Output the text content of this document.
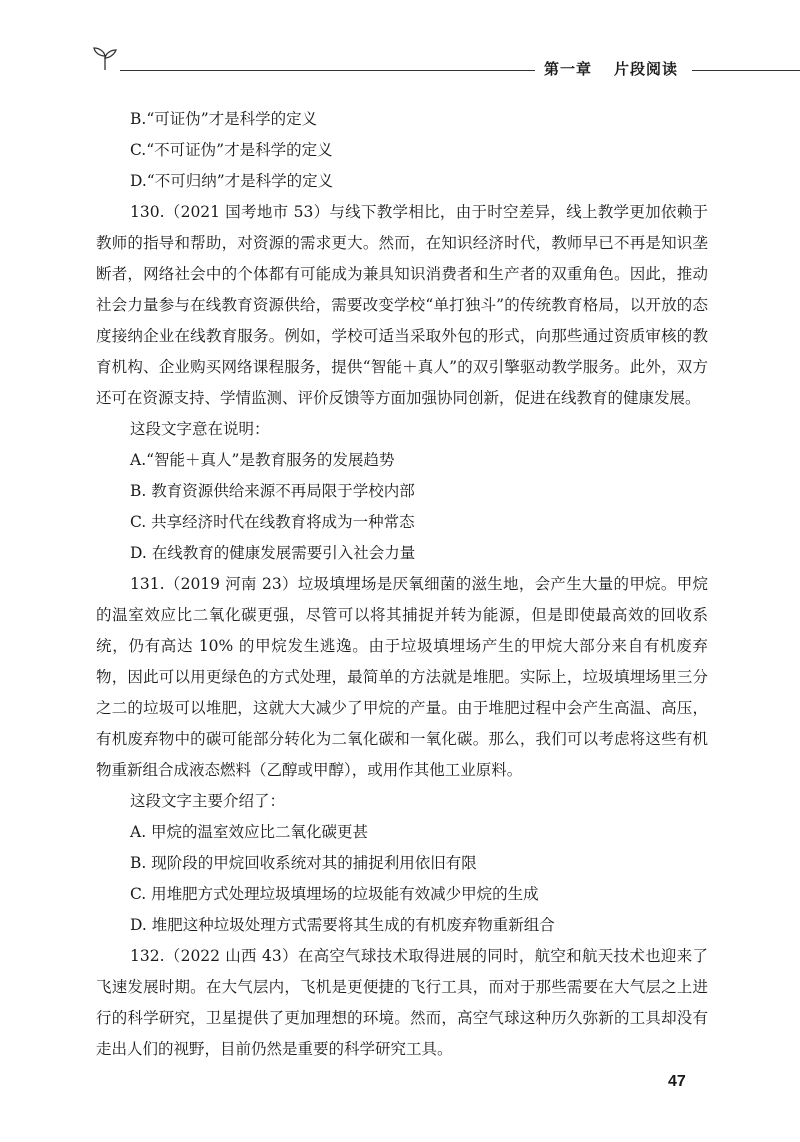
第一章 片段阅读

B.“可证伪”才是科学的定义

C.“不可证伪”才是科学的定义

D.“不可归纳”才是科学的定义

130.（2021 国考地市 53）与线下教学相比，由于时空差异，线上教学更加依赖于教师的指导和帮助，对资源的需求更大。然而，在知识经济时代，教师早已不再是知识垄断者，网络社会中的个体都有可能成为兼具知识消费者和生产者的双重角色。因此，推动社会力量参与在线教育资源供给，需要改变学校“单打独斗”的传统教育格局，以开放的态度接纳企业在线教育服务。例如，学校可适当采取外包的形式，向那些通过资质审核的教育机构、企业购买网络课程服务，提供“智能＋真人”的双引擎驱动教学服务。此外，双方还可在资源支持、学情监测、评价反馈等方面加强协同创新，促进在线教育的健康发展。

这段文字意在说明：

A.“智能＋真人”是教育服务的发展趋势

B. 教育资源供给来源不再局限于学校内部

C. 共享经济时代在线教育将成为一种常态

D. 在线教育的健康发展需要引入社会力量

131.（2019 河南 23）垃圾填埋场是厌氧细菌的滋生地，会产生大量的甲烷。甲烷的温室效应比二氧化碳更强，尽管可以将其捕捉并转为能源，但是即使最高效的回收系统，仍有高达 10% 的甲烷发生逃逸。由于垃圾填埋场产生的甲烷大部分来自有机废弃物，因此可以用更绿色的方式处理，最简单的方法就是堆肥。实际上，垃圾填埋场里三分之二的垃圾可以堆肥，这就大大减少了甲烷的产量。由于堆肥过程中会产生高温、高压，有机废弃物中的碳可能部分转化为二氧化碳和一氧化碳。那么，我们可以考虑将这些有机物重新组合成液态燃料（乙醇或甲醇），或用作其他工业原料。

这段文字主要介绍了：

A. 甲烷的温室效应比二氧化碳更甚

B. 现阶段的甲烷回收系统对其的捕捉利用依旧有限

C. 用堆肥方式处理垃圾填埋场的垃圾能有效减少甲烷的生成

D. 堆肥这种垃圾处理方式需要将其生成的有机废弃物重新组合

132.（2022 山西 43）在高空气球技术取得进展的同时，航空和航天技术也迎来了飞速发展时期。在大气层内，飞机是更便捷的飞行工具，而对于那些需要在大气层之上进行的科学研究，卫星提供了更加理想的环境。然而，高空气球这种历久弥新的工具却没有走出人们的视野，目前仍然是重要的科学研究工具。

47
